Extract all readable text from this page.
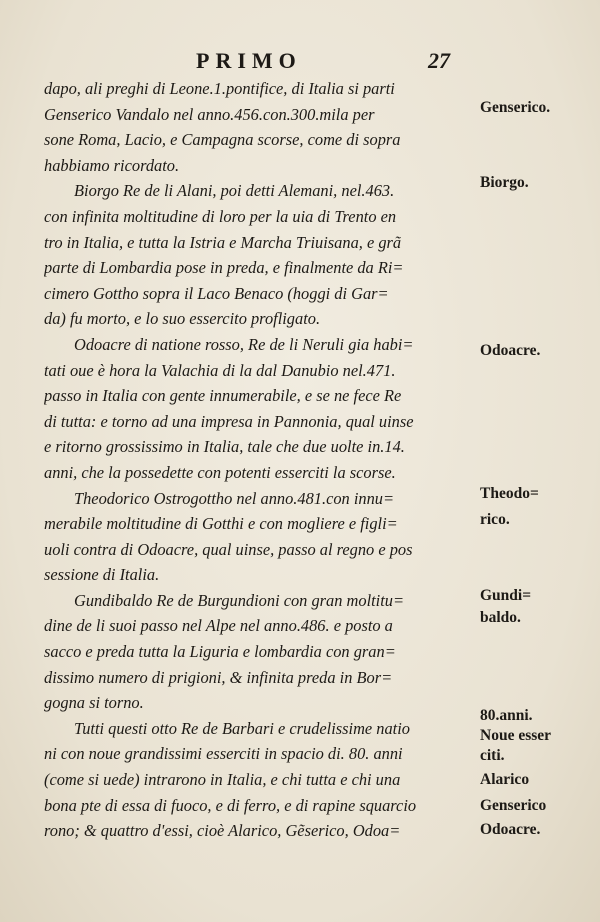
PRIMO	27
dapo, ali preghi di Leone.1.pontifice, di Italia si parti
Genserico Vandalo nel anno.456.con.300.mila per
sone Roma, Lacio, e Campagna scorse, come di sopra
habbiamo ricordato.
Biorgo Re de li Alani, poi detti Alemani, nel.463.
con infinita moltitudine di loro per la uia di Trento en
tro in Italia, e tutta la Istria e Marcha Triuisana, e grã
parte di Lombardia pose in preda, e finalmente da Ri=
cimero Gottho sopra il Laco Benaco (hoggi di Gar=
da) fu morto, e lo suo essercito profligato.
Odoacre di natione rosso, Re de li Neruli gia habi=
tati oue è hora la Valachia di la dal Danubio nel.471.
passo in Italia con gente innumerabile, e se ne fece Re
di tutta: e torno ad una impresa in Pannonia, qual uinse
e ritorno grossissimo in Italia, tale che due uolte in.14.
anni, che la possedette con potenti esserciti la scorse.
Theodorico Ostrogottho nel anno.481.con innu=
merabile moltitudine di Gotthi e con mogliere e figli=
uoli contra di Odoacre, qual uinse, passo al regno e pos
sessione di Italia.
Gundibaldo Re de Burgundioni con gran moltitu=
dine de li suoi passo nel Alpe nel anno.486. e posto a
sacco e preda tutta la Liguria e lombardia con gran=
dissimo numero di prigioni, & infinita preda in Bor=
gogna si torno.
Tutti questi otto Re de Barbari e crudelissime natio
ni con noue grandissimi esserciti in spacio di. 80. anni
(come si uede) intrarono in Italia, e chi tutta e chi una
bona pte di essa di fuoco, e di ferro, e di rapine squarcio
rono; & quattro d'essi, cioè Alarico, Gẽserico, Odoa=
Genserico.
Biorgo.
Odoacre.
Theodo=
rico.
Gundi=
baldo.
80.anni.
Noue esser
citi.
Alarico
Genserico
Odoacre.
